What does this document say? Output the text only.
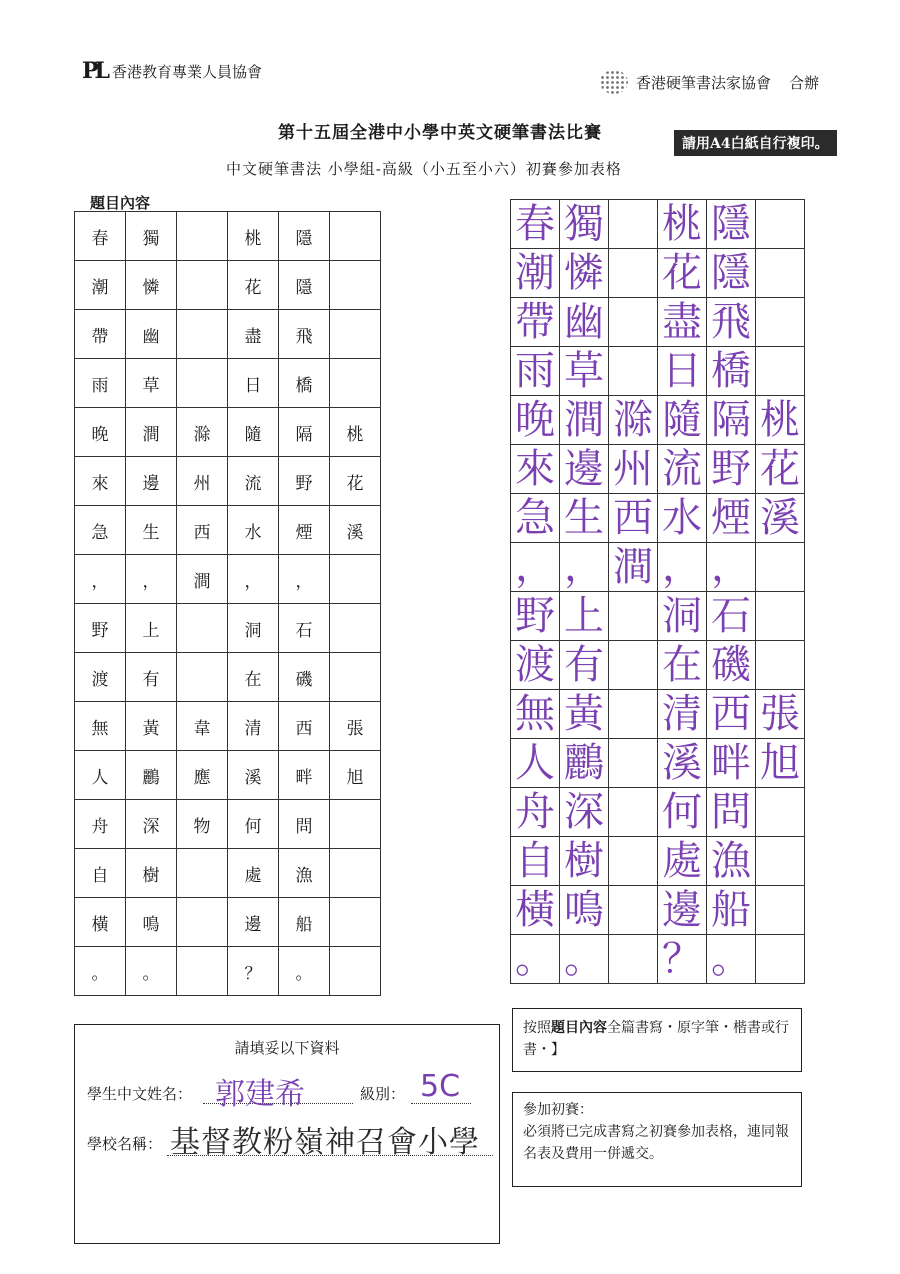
PL 香港教育專業人員協會
香港硬筆書法家協會 合辦
第十五屆全港中小學中英文硬筆書法比賽
請用A4白紙自行複印。
中文硬筆書法 小學組-高級（小五至小六）初賽參加表格
題目內容
春	獨		桃	隱	
潮	憐		花	隱	
帶	幽		盡	飛	
雨	草		日	橋	
晚	澗	滁	隨	隔	桃
來	邊	州	流	野	花
急	生	西	水	煙	溪
，	，	澗	，	，	
野	上		洞	石	
渡	有		在	磯	
無	黃	韋	清	西	張
人	鸝	應	溪	畔	旭
舟	深	物	何	問	
自	樹		處	漁	
橫	鳴		邊	船	
。	。		？	。	
春	獨		桃	隱	
潮	憐		花	隱	
帶	幽		盡	飛	
雨	草		日	橋	
晚	澗	滁	隨	隔	桃
來	邊	州	流	野	花
急	生	西	水	煙	溪
，	，	澗	，	，	
野	上		洞	石	
渡	有		在	磯	
無	黃		清	西	張
人	鸝		溪	畔	旭
舟	深		何	問	
自	樹		處	漁	
橫	鳴		邊	船	
。	。		？	。	
請填妥以下資料
學生中文姓名： 郭建希	級別： 5C
學校名稱： 基督教粉嶺神召會小學
按照題目內容全篇書寫・原字筆・楷書或行書・】
參加初賽：
必須將已完成書寫之初賽參加表格，連同報名表及費用一併遞交。
